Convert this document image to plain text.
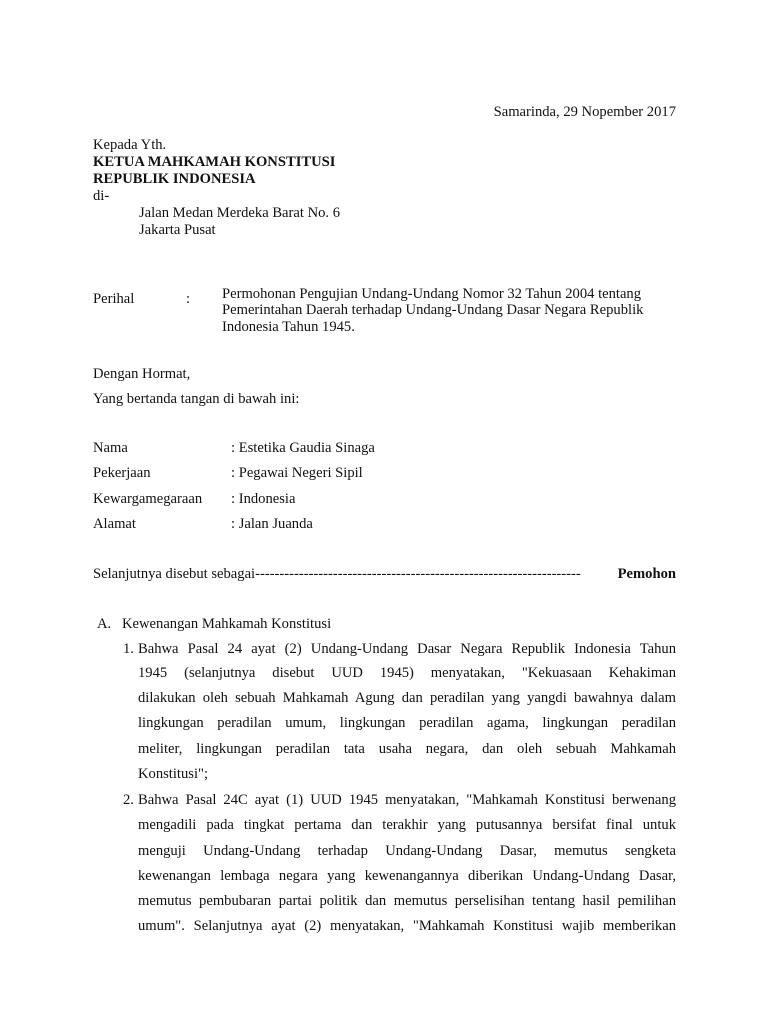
Samarinda, 29 Nopember 2017
Kepada Yth.
KETUA MAHKAMAH KONSTITUSI
REPUBLIK INDONESIA
di-
Jalan Medan Merdeka Barat No. 6
Jakarta Pusat
Perihal	: Permohonan Pengujian Undang-Undang Nomor 32 Tahun 2004 tentang
Pemerintahan Daerah terhadap Undang-Undang Dasar Negara Republik
Indonesia Tahun 1945.
Dengan Hormat,
Yang bertanda tangan di bawah ini:
Nama	: Estetika Gaudia Sinaga
Pekerjaan	: Pegawai Negeri Sipil
Kewargamegaraan : Indonesia
Alamat	: Jalan Juanda
Selanjutnya disebut sebagai-------------------------------------------------------------------	Pemohon
A. Kewenangan Mahkamah Konstitusi
1. Bahwa Pasal 24 ayat (2) Undang-Undang Dasar Negara Republik Indonesia Tahun
1945 (selanjutnya disebut UUD 1945) menyatakan, "Kekuasaan Kehakiman
dilakukan oleh sebuah Mahkamah Agung dan peradilan yang yangdi bawahnya dalam
lingkungan peradilan umum, lingkungan peradilan agama, lingkungan peradilan
meliter, lingkungan peradilan tata usaha negara, dan oleh sebuah Mahkamah
Konstitusi";
2. Bahwa Pasal 24C ayat (1) UUD 1945 menyatakan, "Mahkamah Konstitusi berwenang
mengadili pada tingkat pertama dan terakhir yang putusannya bersifat final untuk
menguji Undang-Undang terhadap Undang-Undang Dasar, memutus sengketa
kewenangan lembaga negara yang kewenangannya diberikan Undang-Undang Dasar,
memutus pembubaran partai politik dan memutus perselisihan tentang hasil pemilihan
umum". Selanjutnya ayat (2) menyatakan, "Mahkamah Konstitusi wajib memberikan
